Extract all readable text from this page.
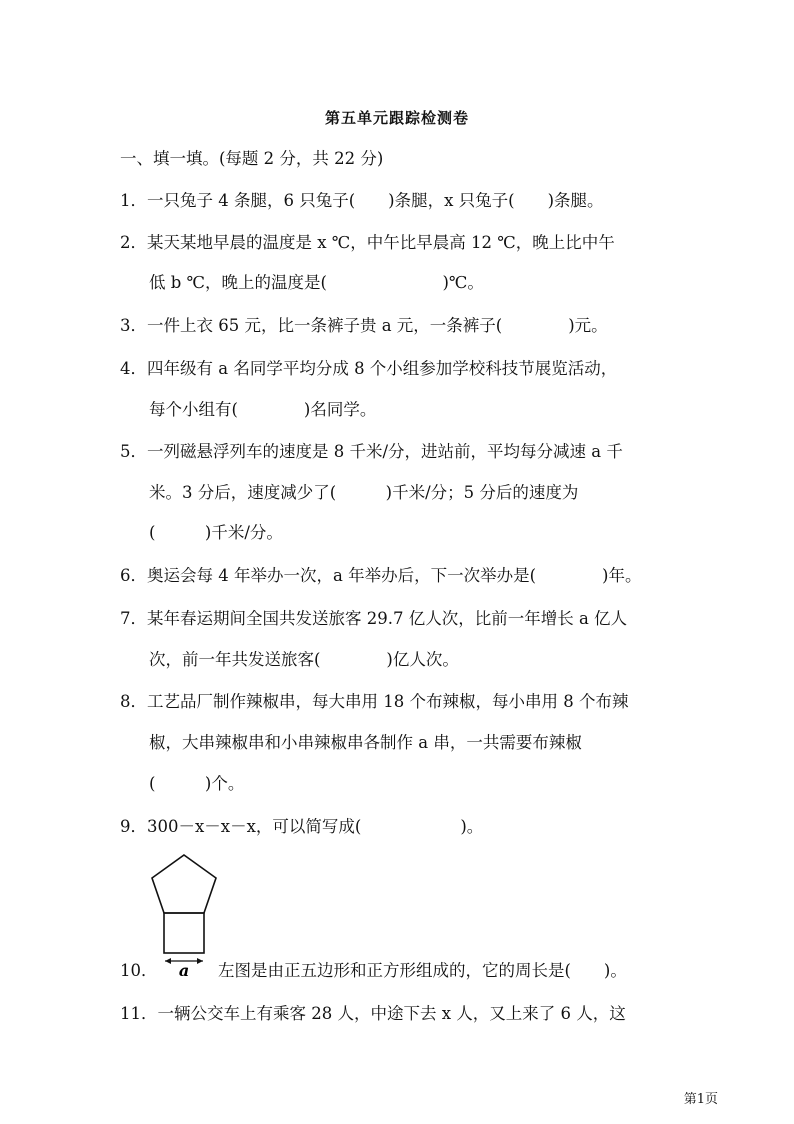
第五单元跟踪检测卷
一、填一填。(每题 2 分，共 22 分)
1．一只兔子 4 条腿，6 只兔子(　　)条腿，x 只兔子(　　)条腿。
2．某天某地早晨的温度是 x ℃，中午比早晨高 12 ℃，晚上比中午
低 b ℃，晚上的温度是(　　　　　　　)℃。
3．一件上衣 65 元，比一条裤子贵 a 元，一条裤子(　　　　)元。
4．四年级有 a 名同学平均分成 8 个小组参加学校科技节展览活动，
每个小组有(　　　　)名同学。
5．一列磁悬浮列车的速度是 8 千米/分，进站前，平均每分减速 a 千
米。3 分后，速度减少了(　　　)千米/分；5 分后的速度为
(　　　)千米/分。
6．奥运会每 4 年举办一次，a 年举办后，下一次举办是(　　　　)年。
7．某年春运期间全国共发送旅客 29.7 亿人次，比前一年增长 a 亿人
次，前一年共发送旅客(　　　　)亿人次。
8．工艺品厂制作辣椒串，每大串用 18 个布辣椒，每小串用 8 个布辣
椒，大串辣椒串和小串辣椒串各制作 a 串，一共需要布辣椒
(　　　)个。
9．300－x－x－x，可以简写成(　　　　　　)。
a
10．	左图是由正五边形和正方形组成的，它的周长是(　　)。
11．一辆公交车上有乘客 28 人，中途下去 x 人，又上来了 6 人，这
第1页
